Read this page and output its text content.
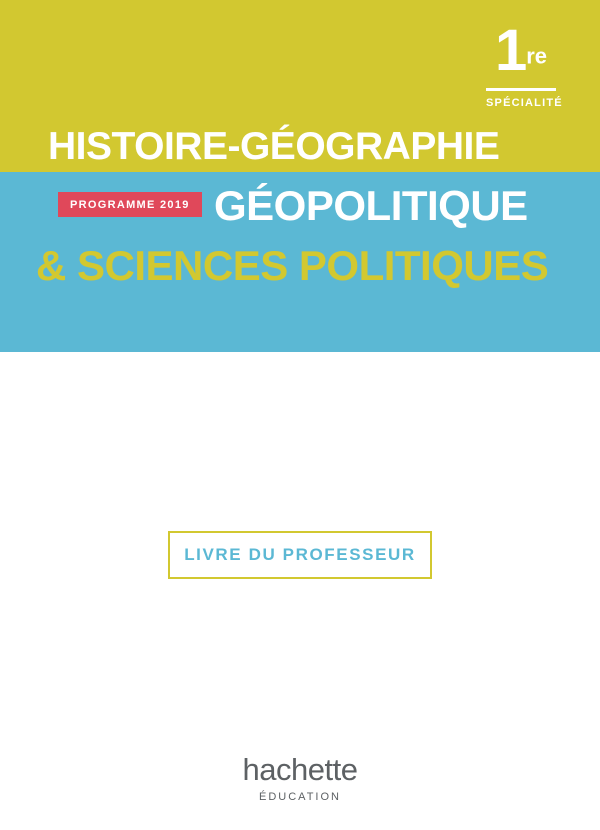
1re
SPÉCIALITÉ
HISTOIRE-GÉOGRAPHIE
GÉOPOLITIQUE
& SCIENCES POLITIQUES
PROGRAMME 2019
LIVRE DU PROFESSEUR
hachette
ÉDUCATION
